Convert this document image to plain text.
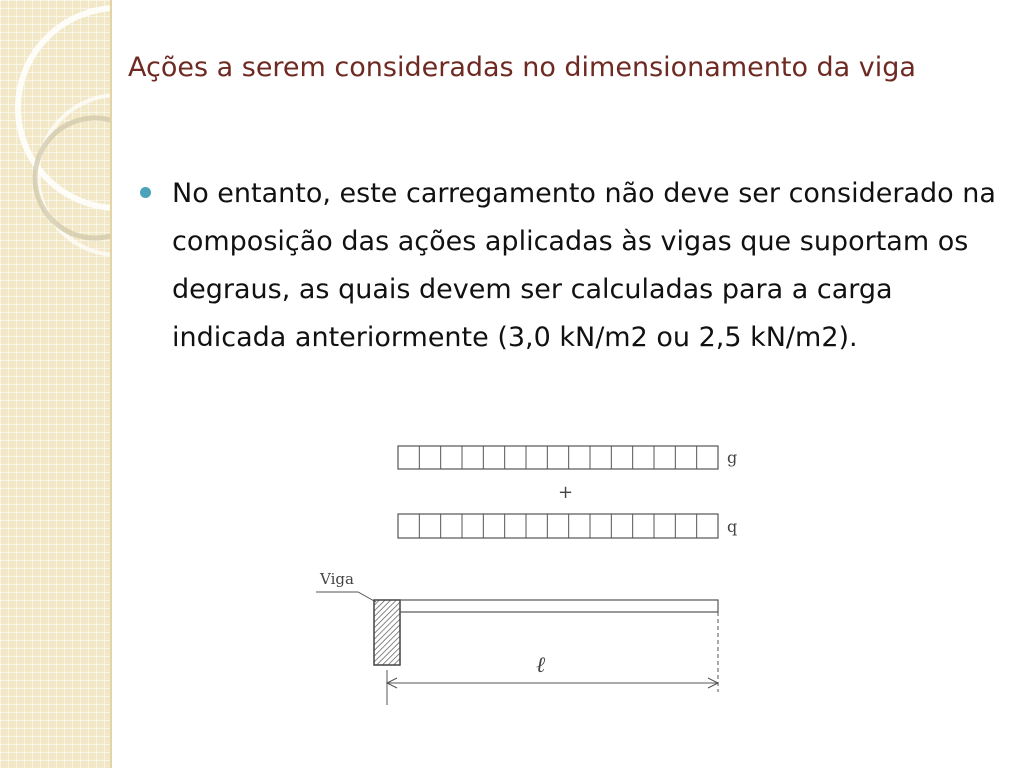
Ações a serem consideradas no dimensionamento da viga
No entanto, este carregamento não deve ser considerado na composição das ações aplicadas às vigas que suportam os degraus, as quais devem ser calculadas para a carga indicada anteriormente (3,0 kN/m2 ou 2,5 kN/m2).
g
+
q
Viga
ℓ
